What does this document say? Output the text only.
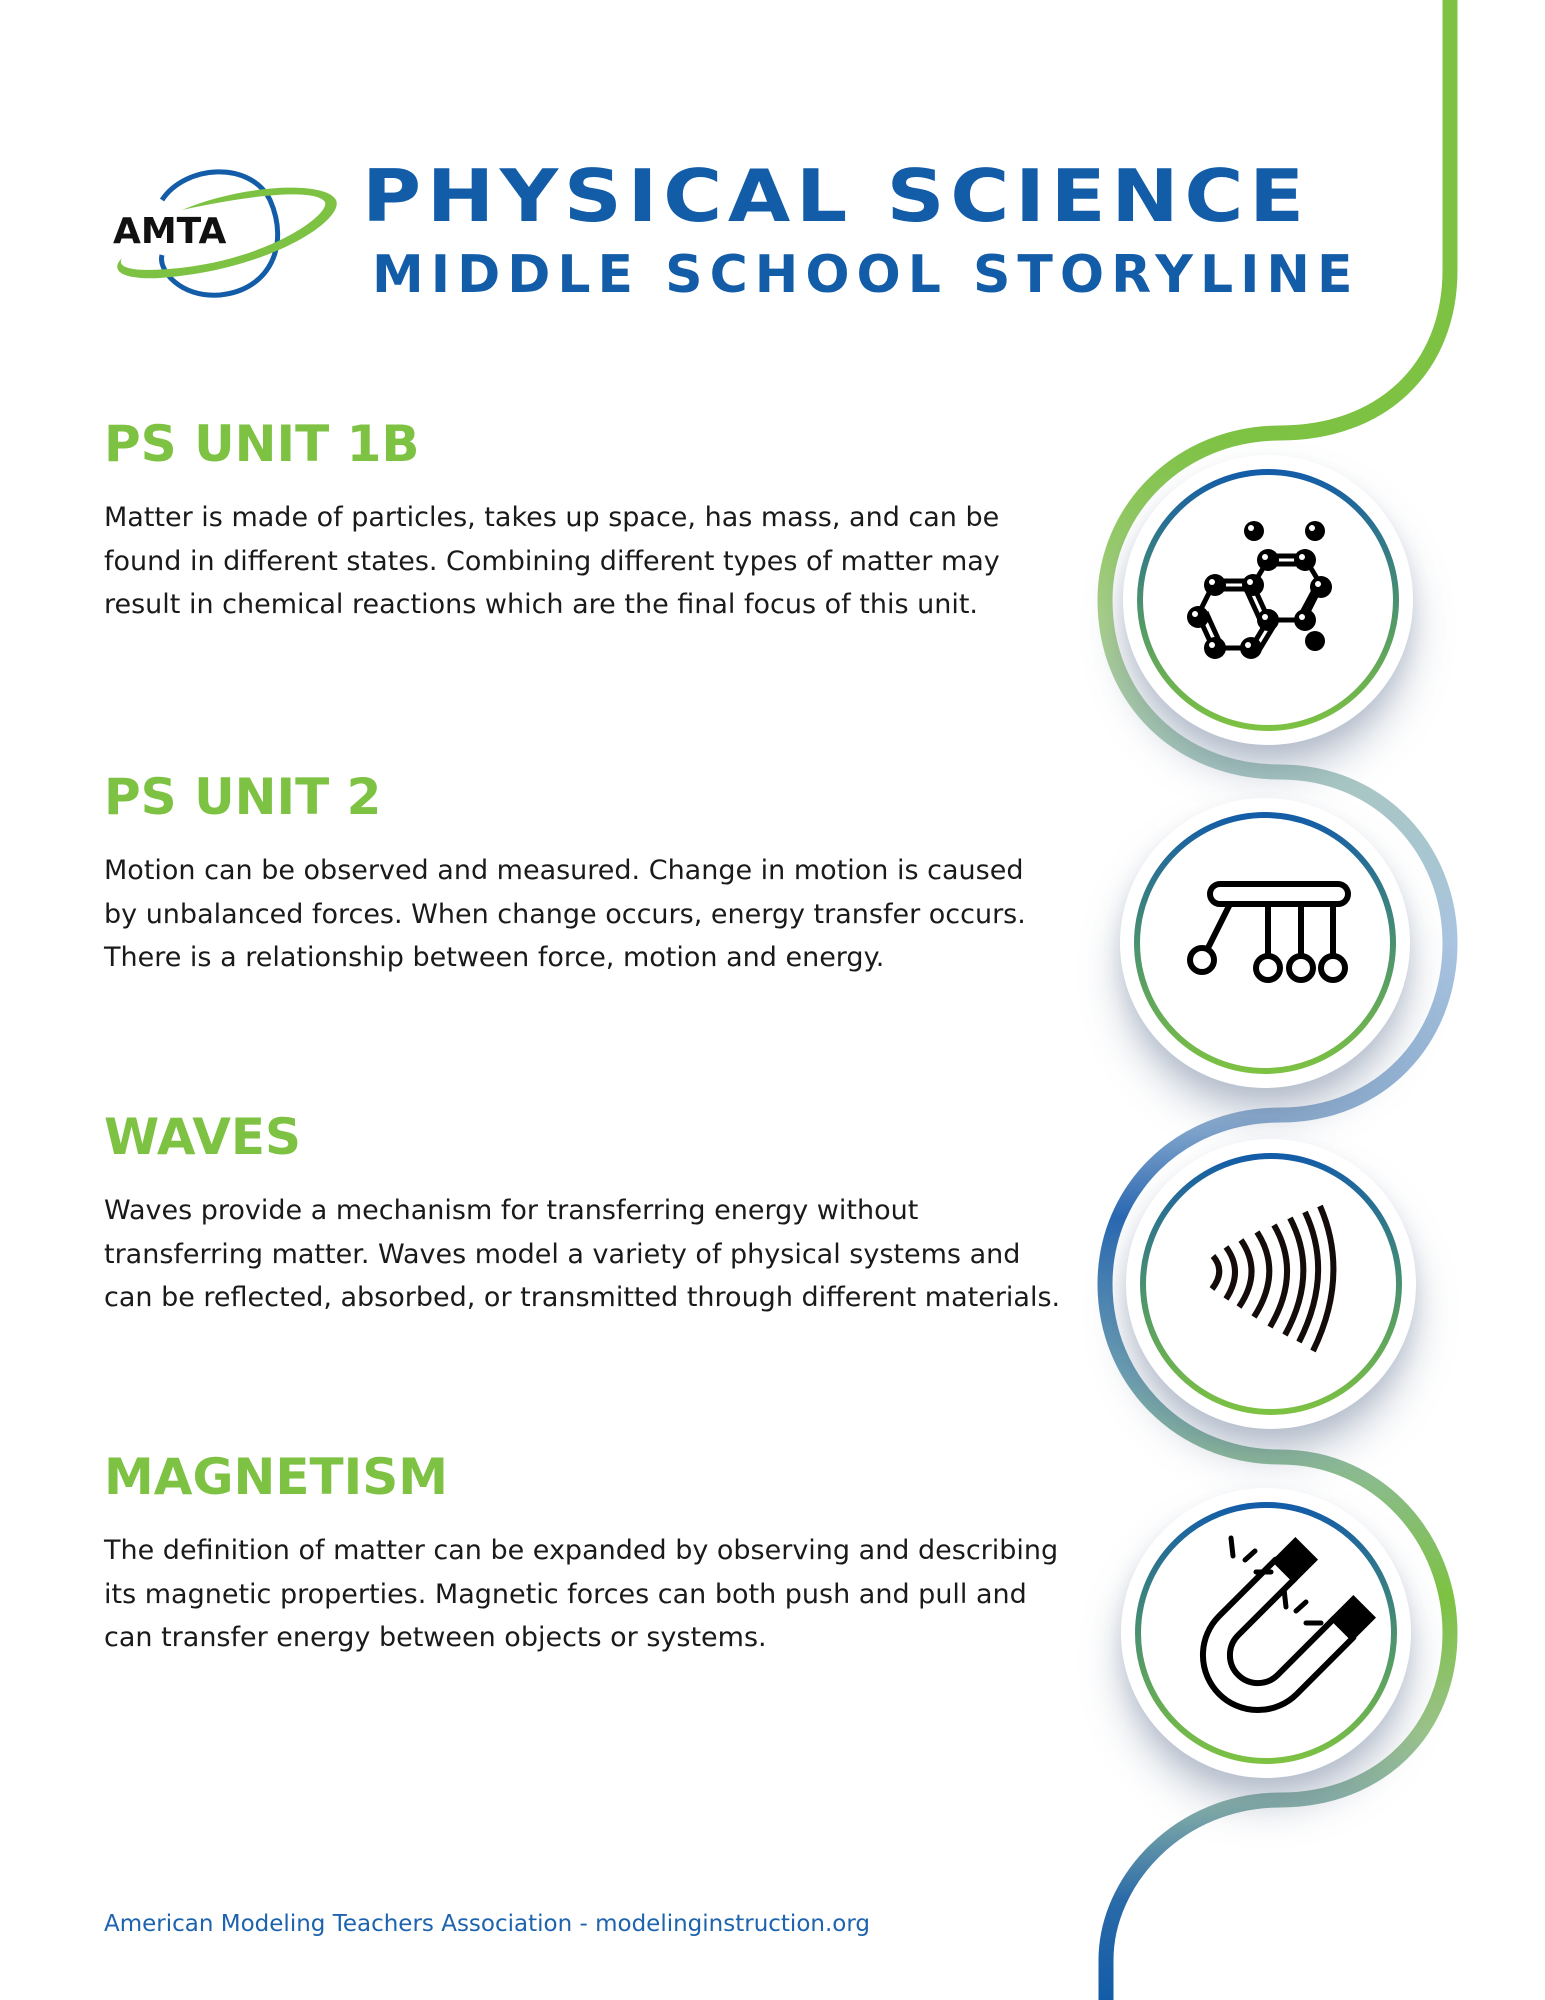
AMTA PHYSICAL SCIENCE
MIDDLE SCHOOL STORYLINE
PS UNIT 1B

Matter is made of particles, takes up space, has mass, and can be found in different states. Combining different types of matter may result in chemical reactions which are the final focus of this unit.

PS UNIT 2

Motion can be observed and measured. Change in motion is caused by unbalanced forces. When change occurs, energy transfer occurs. There is a relationship between force, motion and energy.

WAVES

Waves provide a mechanism for transferring energy without transferring matter. Waves model a variety of physical systems and can be reflected, absorbed, or transmitted through different materials.

MAGNETISM

The definition of matter can be expanded by observing and describing its magnetic properties. Magnetic forces can both push and pull and can transfer energy between objects or systems.

American Modeling Teachers Association - modelinginstruction.org
